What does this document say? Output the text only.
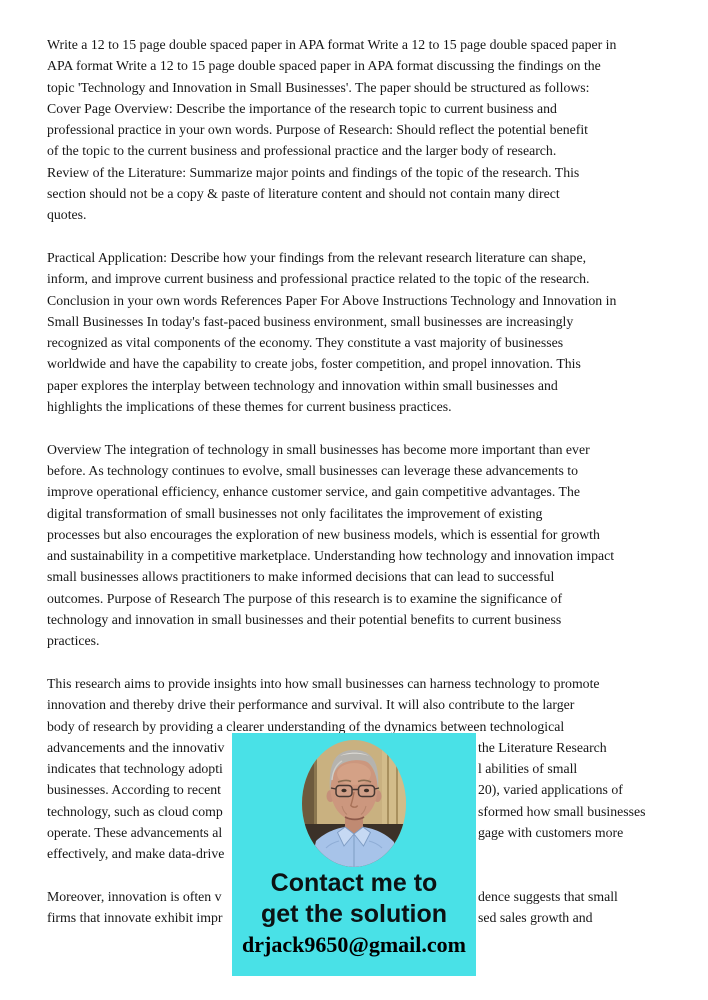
Write a 12 to 15 page double spaced paper in APA format Write a 12 to 15 page double spaced paper in
APA format Write a 12 to 15 page double spaced paper in APA format discussing the findings on the
topic 'Technology and Innovation in Small Businesses'. The paper should be structured as follows:
Cover Page Overview: Describe the importance of the research topic to current business and
professional practice in your own words. Purpose of Research: Should reflect the potential benefit
of the topic to the current business and professional practice and the larger body of research.
Review of the Literature: Summarize major points and findings of the topic of the research. This
section should not be a copy & paste of literature content and should not contain many direct
quotes.
Practical Application: Describe how your findings from the relevant research literature can shape,
inform, and improve current business and professional practice related to the topic of the research.
Conclusion in your own words References Paper For Above Instructions Technology and Innovation in
Small Businesses In today's fast-paced business environment, small businesses are increasingly
recognized as vital components of the economy. They constitute a vast majority of businesses
worldwide and have the capability to create jobs, foster competition, and propel innovation. This
paper explores the interplay between technology and innovation within small businesses and
highlights the implications of these themes for current business practices.
Overview The integration of technology in small businesses has become more important than ever
before. As technology continues to evolve, small businesses can leverage these advancements to
improve operational efficiency, enhance customer service, and gain competitive advantages. The
digital transformation of small businesses not only facilitates the improvement of existing
processes but also encourages the exploration of new business models, which is essential for growth
and sustainability in a competitive marketplace. Understanding how technology and innovation impact
small businesses allows practitioners to make informed decisions that can lead to successful
outcomes. Purpose of Research The purpose of this research is to examine the significance of
technology and innovation in small businesses and their potential benefits to current business
practices.
This research aims to provide insights into how small businesses can harness technology to promote
innovation and thereby drive their performance and survival. It will also contribute to the larger
body of research by providing a clearer understanding of the dynamics between technological
advancements and the innovativ	the Literature Research
indicates that technology adopti	l abilities of small
businesses. According to recent	20), varied applications of
technology, such as cloud comp	sformed how small businesses
operate. These advancements al	gage with customers more
effectively, and make data-drive
Moreover, innovation is often v	dence suggests that small
firms that innovate exhibit impr	sed sales growth and
Contact me to
get the solution
drjack9650@gmail.com
